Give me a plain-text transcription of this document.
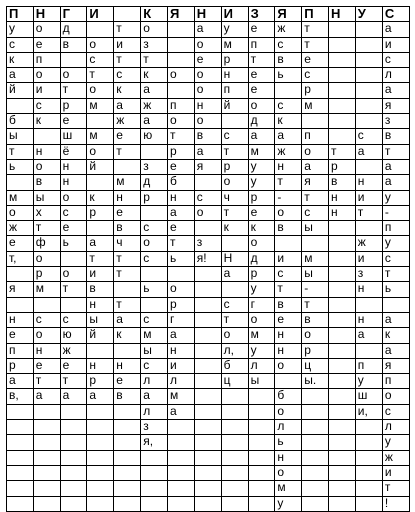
П	Н	Г	И		К	Я	Н	И	З	Я	П	Н	У	С
у	о	д		т	о		а	у	е	ж	т			а
с	е	в	о	и	з		о	м	п	с	т			и
к	п		с	т	т		е	р	т	в	е			с
а	о	о	т	с	к	о	о	н	е	ь	с			л
й	и	т	о	к	а		о	п	е		р			а
	с	р	м	а	ж	п	н	й	о	с	м			я
б	к	е		ж	а	о	о		д	к				з
ы		ш	м	е	ю	т	в	с	а	а	п		с	в
т	н	ё	о	т		р	а	т	м	ж	о	т	а	т
ь	о	н	й		з	е	я	р	у	н	а	р		а
	в	н		м	д	б		о	у	т	я	в	н	а
м	ы	о	к	н	р	н	с	ч	р	-	т	н	и	у
о	х	с	р	е		а	о	т	е	о	с	н	т	-
ж	т	е		в	с	е		к	к	в	ы			п
е	ф	ь	а	ч	о	т	з		о				ж	у
т,	о		т	т	с	ь	я!	Н	д	и	м		и	с
	р	о	и	т				а	р	с	ы		з	т
я	м	т	в		ь	о			у	т	-		н	ь
			н	т		р		с	г	в	т			
н	с	с	ы	а	с	г		т	о	е	в		н	а
е	о	ю	й	к	м	а		о	м	н	о		а	к
п	н	ж			ы	н		л,	у	н	р			а
р	е	е	н	н	с	и		б	л	о	ц		п	я
а	т	т	р	е	л	л		ц	ы		ы.		у	п
в,	а	а	а	в	а	м				б			ш	о
					л	а				о			и,	с
					з					л				л
					я,					ь				у
										н				ж
										о				и
										м				т
										у				!
